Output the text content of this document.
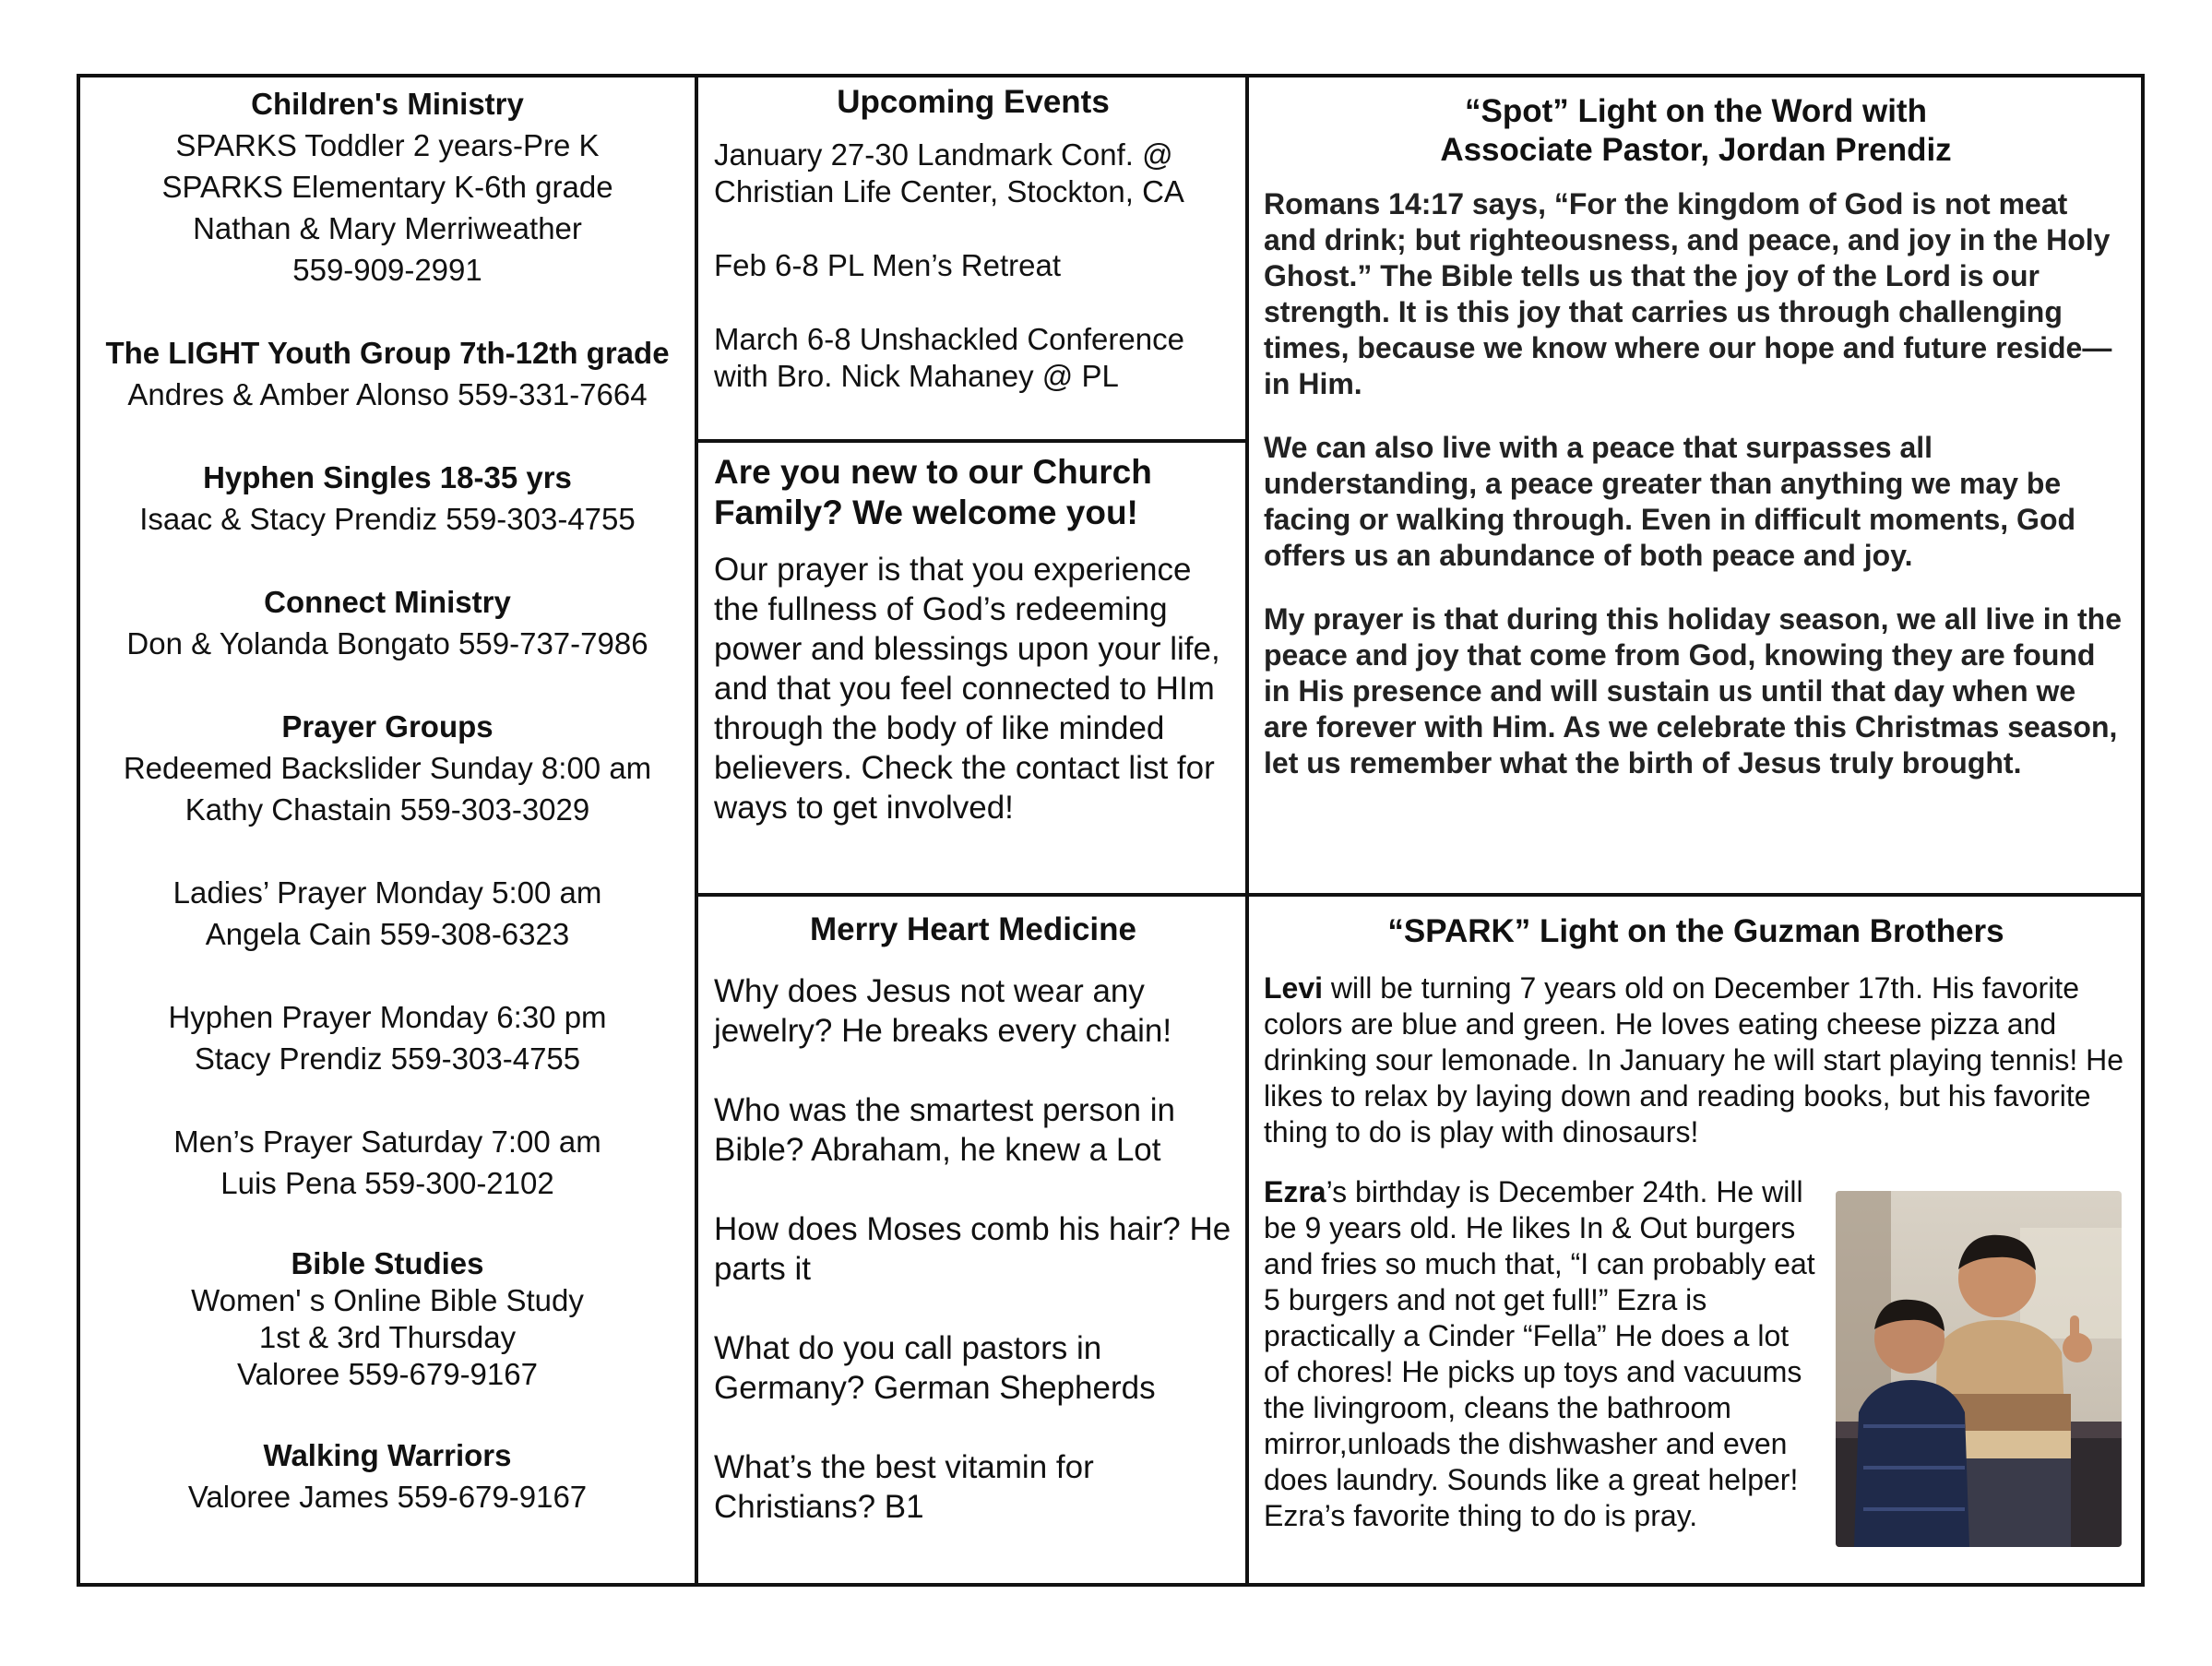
Children's Ministry
SPARKS Toddler 2 years-Pre K
SPARKS Elementary K-6th grade
Nathan & Mary Merriweather
559-909-2991
The LIGHT Youth Group 7th-12th grade
Andres & Amber Alonso 559-331-7664
Hyphen Singles 18-35 yrs
Isaac & Stacy Prendiz 559-303-4755
Connect Ministry
Don & Yolanda Bongato 559-737-7986
Prayer Groups
Redeemed Backslider Sunday 8:00 am
Kathy Chastain 559-303-3029
Ladies’ Prayer Monday 5:00 am
Angela Cain 559-308-6323
Hyphen Prayer Monday 6:30 pm
Stacy Prendiz 559-303-4755
Men’s Prayer Saturday 7:00 am
Luis Pena 559-300-2102
Bible Studies
Women' s Online Bible Study
1st & 3rd Thursday
Valoree 559-679-9167
Walking Warriors
Valoree James 559-679-9167
Upcoming Events
January 27-30 Landmark Conf. @
Christian Life Center, Stockton, CA
Feb 6-8 PL Men’s Retreat
March 6-8 Unshackled Conference
with Bro. Nick Mahaney @ PL
Are you new to our Church
Family? We welcome you!

Our prayer is that you experience the fullness of God’s redeeming power and blessings upon your life, and that you feel connected to HIm through the body of like minded believers. Check the contact list for ways to get involved!

Merry Heart Medicine
Why does Jesus not wear any jewelry? He breaks every chain!
Who was the smartest person in Bible? Abraham, he knew a Lot
How does Moses comb his hair? He parts it
What do you call pastors in Germany? German Shepherds
What’s the best vitamin for Christians? B1
“Spot” Light on the Word with
Associate Pastor, Jordan Prendiz

Romans 14:17 says, “For the kingdom of God is not meat and drink; but righteousness, and peace, and joy in the Holy Ghost.” The Bible tells us that the joy of the Lord is our strength. It is this joy that carries us through challenging times, because we know where our hope and future reside—in Him.

We can also live with a peace that surpasses all understanding, a peace greater than anything we may be facing or walking through. Even in difficult moments, God offers us an abundance of both peace and joy.

My prayer is that during this holiday season, we all live in the peace and joy that come from God, knowing they are found in His presence and will sustain us until that day when we are forever with Him. As we celebrate this Christmas season, let us remember what the birth of Jesus truly brought.

“SPARK” Light on the Guzman Brothers
Levi will be turning 7 years old on December 17th. His favorite colors are blue and green. He loves eating cheese pizza and drinking sour lemonade. In January he will start playing tennis! He likes to relax by laying down and reading books, but his favorite thing to do is play with dinosaurs!
Ezra’s birthday is December 24th. He will be 9 years old. He likes In & Out burgers and fries so much that, “I can probably eat 5 burgers and not get full!” Ezra is practically a Cinder “Fella” He does a lot of chores! He picks up toys and vacuums the livingroom, cleans the bathroom mirror,unloads the dishwasher and even does laundry. Sounds like a great helper! Ezra’s favorite thing to do is pray.
